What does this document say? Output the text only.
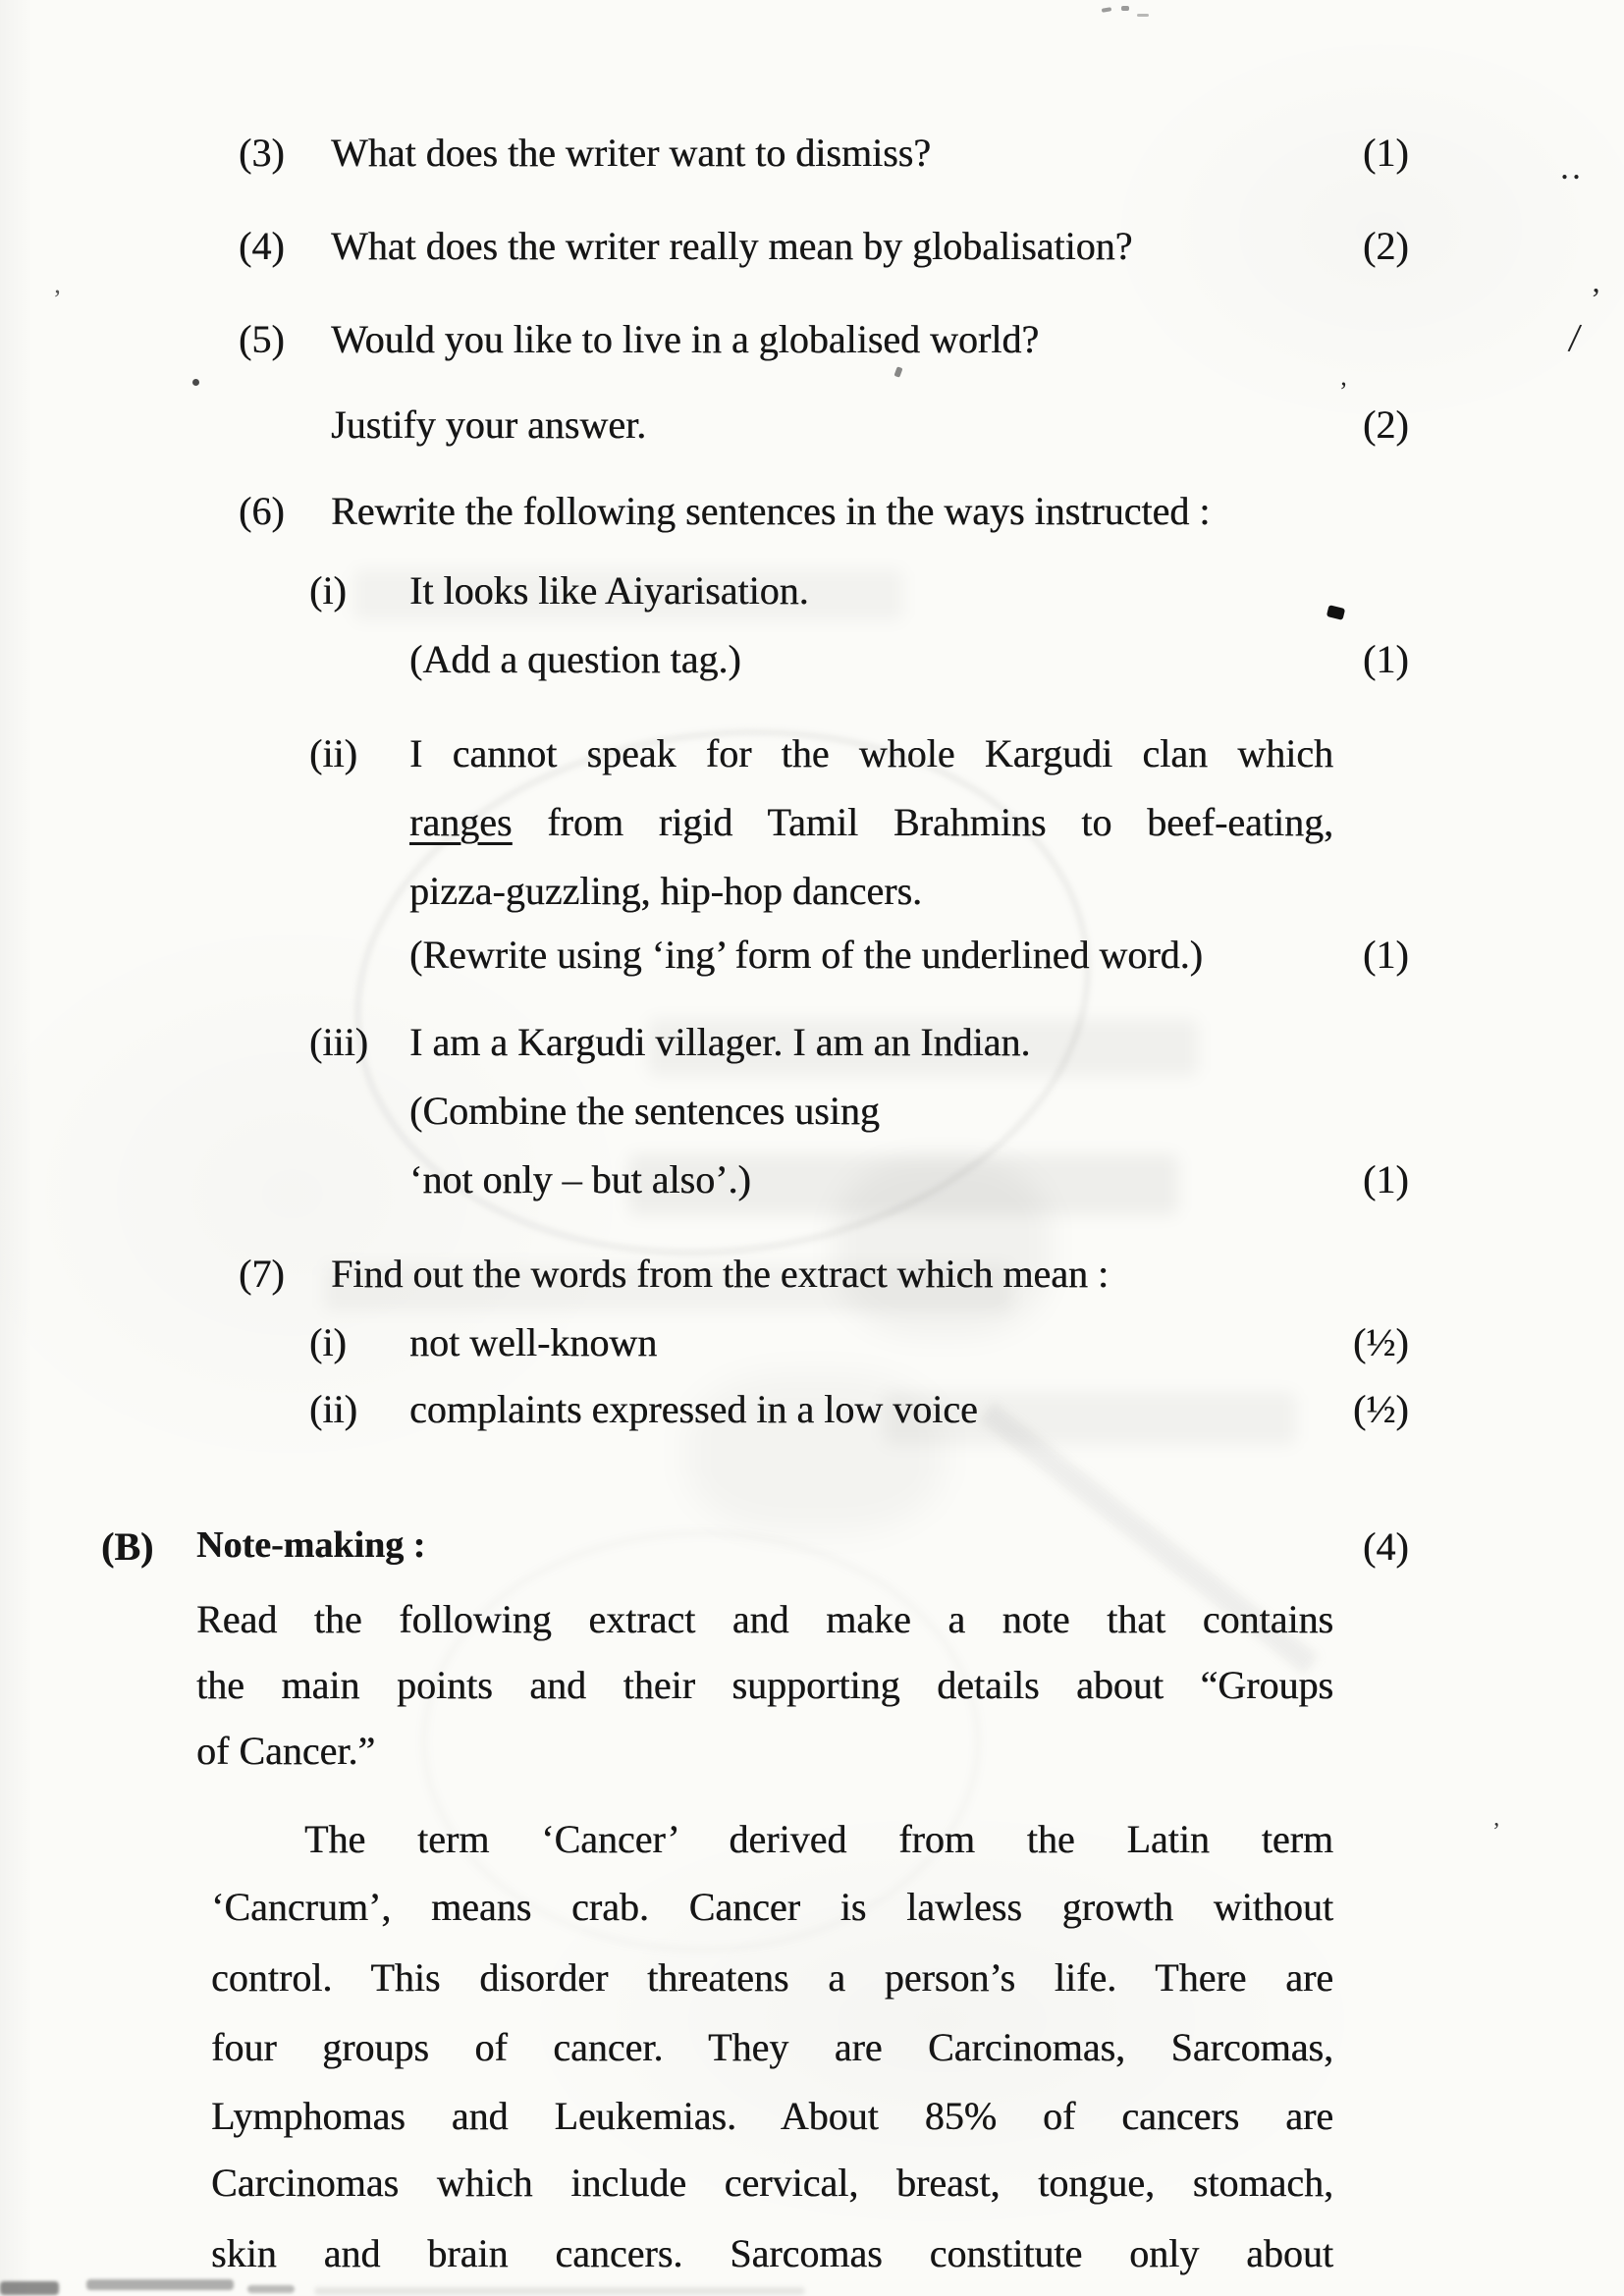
(3) What does the writer want to dismiss?	(1)
(4) What does the writer really mean by globalisation?	(2)
(5) Would you like to live in a globalised world?
Justify your answer.	(2)
(6) Rewrite the following sentences in the ways instructed :
(i) It looks like Aiyarisation.
(Add a question tag.)	(1)
(ii) I cannot speak for the whole Kargudi clan which
ranges from rigid Tamil Brahmins to beef-eating,
pizza-guzzling, hip-hop dancers.
(Rewrite using ‘ing’ form of the underlined word.)	(1)
(iii) I am a Kargudi villager. I am an Indian.
(Combine the sentences using
‘not only – but also’.)	(1)
(7) Find out the words from the extract which mean :
(i) not well-known	(½)
(ii) complaints expressed in a low voice	(½)
(B) Note-making :	(4)
Read the following extract and make a note that contains
the main points and their supporting details about “Groups
of Cancer.”
The term ‘Cancer’ derived from the Latin term
‘Cancrum’, means crab. Cancer is lawless growth without
control. This disorder threatens a person’s life. There are
four groups of cancer. They are Carcinomas, Sarcomas,
Lymphomas and Leukemias. About 85% of cancers are
Carcinomas which include cervical, breast, tongue, stomach,
skin and brain cancers. Sarcomas constitute only about
..
’
/
’
’
’
